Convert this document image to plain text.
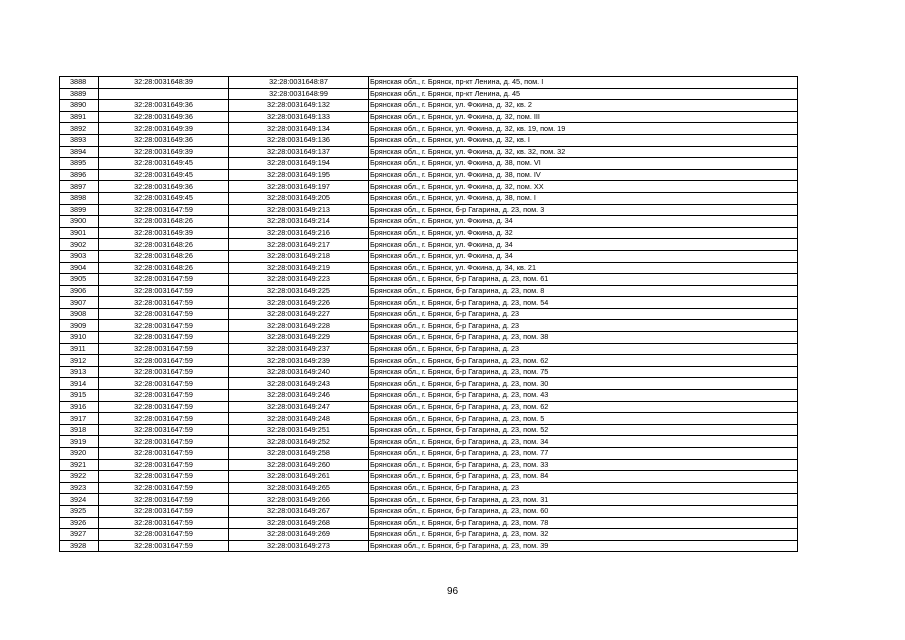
3888	32:28:0031648:39	32:28:0031648:87	Брянская обл., г. Брянск, пр-кт Ленина, д. 45, пом. I
3889		32:28:0031648:99	Брянская обл., г. Брянск, пр-кт Ленина, д. 45
3890	32:28:0031649:36	32:28:0031649:132	Брянская обл., г. Брянск, ул. Фокина, д. 32, кв. 2
3891	32:28:0031649:36	32:28:0031649:133	Брянская обл., г. Брянск, ул. Фокина, д. 32, пом. III
3892	32:28:0031649:39	32:28:0031649:134	Брянская обл., г. Брянск, ул. Фокина, д. 32, кв. 19, пом. 19
3893	32:28:0031649:36	32:28:0031649:136	Брянская обл., г. Брянск, ул. Фокина, д. 32, кв. I
3894	32:28:0031649:39	32:28:0031649:137	Брянская обл., г. Брянск, ул. Фокина, д. 32, кв. 32, пом. 32
3895	32:28:0031649:45	32:28:0031649:194	Брянская обл., г. Брянск, ул. Фокина, д. 38, пом. VI
3896	32:28:0031649:45	32:28:0031649:195	Брянская обл., г. Брянск, ул. Фокина, д. 38, пом. IV
3897	32:28:0031649:36	32:28:0031649:197	Брянская обл., г. Брянск, ул. Фокина, д. 32, пом. XX
3898	32:28:0031649:45	32:28:0031649:205	Брянская обл., г. Брянск, ул. Фокина, д. 38, пом. I
3899	32:28:0031647:59	32:28:0031649:213	Брянская обл., г. Брянск, б-р Гагарина, д. 23, пом. 3
3900	32:28:0031648:26	32:28:0031649:214	Брянская обл., г. Брянск, ул. Фокина, д. 34
3901	32:28:0031649:39	32:28:0031649:216	Брянская обл., г. Брянск, ул. Фокина, д. 32
3902	32:28:0031648:26	32:28:0031649:217	Брянская обл., г. Брянск, ул. Фокина, д. 34
3903	32:28:0031648:26	32:28:0031649:218	Брянская обл., г. Брянск, ул. Фокина, д. 34
3904	32:28:0031648:26	32:28:0031649:219	Брянская обл., г. Брянск, ул. Фокина, д. 34, кв. 21
3905	32:28:0031647:59	32:28:0031649:223	Брянская обл., г. Брянск, б-р Гагарина, д. 23, пом. 61
3906	32:28:0031647:59	32:28:0031649:225	Брянская обл., г. Брянск, б-р Гагарина, д. 23, пом. 8
3907	32:28:0031647:59	32:28:0031649:226	Брянская обл., г. Брянск, б-р Гагарина, д. 23, пом. 54
3908	32:28:0031647:59	32:28:0031649:227	Брянская обл., г. Брянск, б-р Гагарина, д. 23
3909	32:28:0031647:59	32:28:0031649:228	Брянская обл., г. Брянск, б-р Гагарина, д. 23
3910	32:28:0031647:59	32:28:0031649:229	Брянская обл., г. Брянск, б-р Гагарина, д. 23, пом. 38
3911	32:28:0031647:59	32:28:0031649:237	Брянская обл., г. Брянск, б-р Гагарина, д. 23
3912	32:28:0031647:59	32:28:0031649:239	Брянская обл., г. Брянск, б-р Гагарина, д. 23, пом. 62
3913	32:28:0031647:59	32:28:0031649:240	Брянская обл., г. Брянск, б-р Гагарина, д. 23, пом. 75
3914	32:28:0031647:59	32:28:0031649:243	Брянская обл., г. Брянск, б-р Гагарина, д. 23, пом. 30
3915	32:28:0031647:59	32:28:0031649:246	Брянская обл., г. Брянск, б-р Гагарина, д. 23, пом. 43
3916	32:28:0031647:59	32:28:0031649:247	Брянская обл., г. Брянск, б-р Гагарина, д. 23, пом. 62
3917	32:28:0031647:59	32:28:0031649:248	Брянская обл., г. Брянск, б-р Гагарина, д. 23, пом. 5
3918	32:28:0031647:59	32:28:0031649:251	Брянская обл., г. Брянск, б-р Гагарина, д. 23, пом. 52
3919	32:28:0031647:59	32:28:0031649:252	Брянская обл., г. Брянск, б-р Гагарина, д. 23, пом. 34
3920	32:28:0031647:59	32:28:0031649:258	Брянская обл., г. Брянск, б-р Гагарина, д. 23, пом. 77
3921	32:28:0031647:59	32:28:0031649:260	Брянская обл., г. Брянск, б-р Гагарина, д. 23, пом. 33
3922	32:28:0031647:59	32:28:0031649:261	Брянская обл., г. Брянск, б-р Гагарина, д. 23, пом. 84
3923	32:28:0031647:59	32:28:0031649:265	Брянская обл., г. Брянск, б-р Гагарина, д. 23
3924	32:28:0031647:59	32:28:0031649:266	Брянская обл., г. Брянск, б-р Гагарина, д. 23, пом. 31
3925	32:28:0031647:59	32:28:0031649:267	Брянская обл., г. Брянск, б-р Гагарина, д. 23, пом. 60
3926	32:28:0031647:59	32:28:0031649:268	Брянская обл., г. Брянск, б-р Гагарина, д. 23, пом. 78
3927	32:28:0031647:59	32:28:0031649:269	Брянская обл., г. Брянск, б-р Гагарина, д. 23, пом. 32
3928	32:28:0031647:59	32:28:0031649:273	Брянская обл., г. Брянск, б-р Гагарина, д. 23, пом. 39
96
